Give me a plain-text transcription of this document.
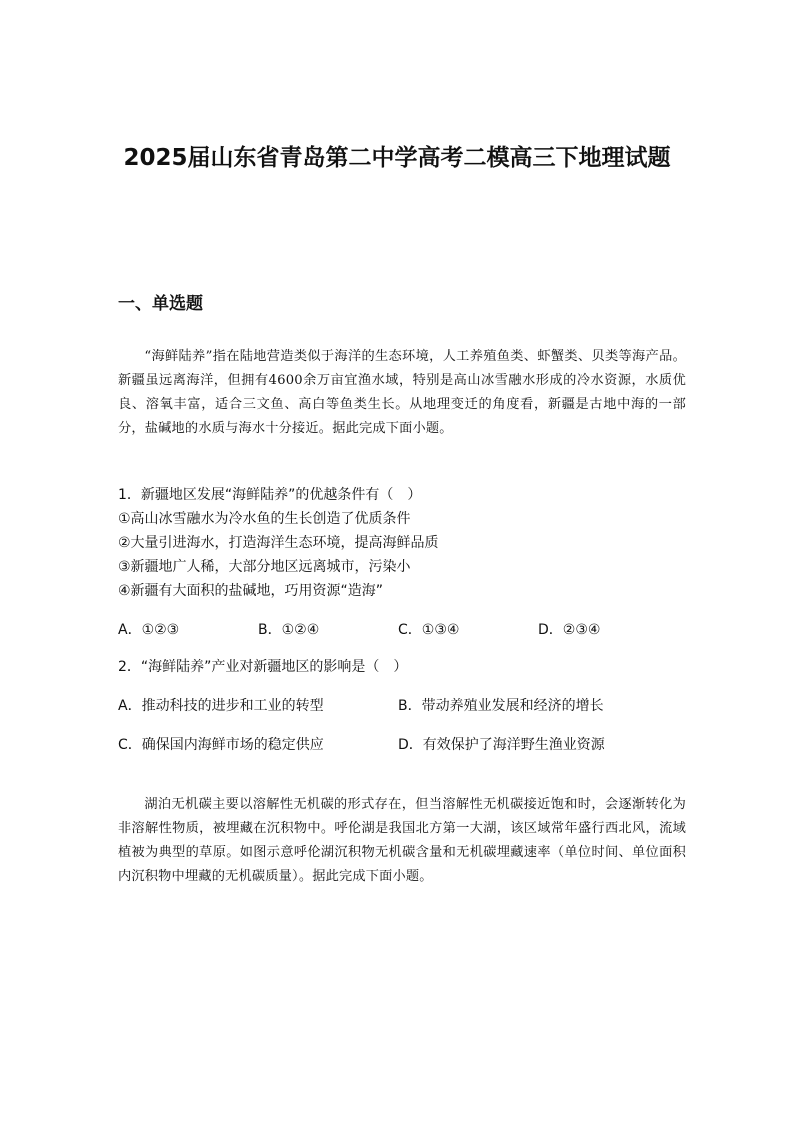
2025届山东省青岛第二中学高考二模高三下地理试题
一、单选题
“海鲜陆养”指在陆地营造类似于海洋的生态环境，人工养殖鱼类、虾蟹类、贝类等海产品。新疆虽远离海洋，但拥有4600余万亩宜渔水域，特别是高山冰雪融水形成的冷水资源，水质优良、溶氧丰富，适合三文鱼、高白等鱼类生长。从地理变迁的角度看，新疆是古地中海的一部分，盐碱地的水质与海水十分接近。据此完成下面小题。
1．新疆地区发展“海鲜陆养”的优越条件有（　）
①高山冰雪融水为冷水鱼的生长创造了优质条件
②大量引进海水，打造海洋生态环境，提高海鲜品质
③新疆地广人稀，大部分地区远离城市，污染小
④新疆有大面积的盐碱地，巧用资源“造海”
A．①②③	B．①②④	C．①③④	D．②③④
2．“海鲜陆养”产业对新疆地区的影响是（　）
A．推动科技的进步和工业的转型	B．带动养殖业发展和经济的增长
C．确保国内海鲜市场的稳定供应	D．有效保护了海洋野生渔业资源
湖泊无机碳主要以溶解性无机碳的形式存在，但当溶解性无机碳接近饱和时，会逐渐转化为非溶解性物质，被埋藏在沉积物中。呼伦湖是我国北方第一大湖，该区域常年盛行西北风，流域植被为典型的草原。如图示意呼伦湖沉积物无机碳含量和无机碳埋藏速率（单位时间、单位面积内沉积物中埋藏的无机碳质量）。据此完成下面小题。
